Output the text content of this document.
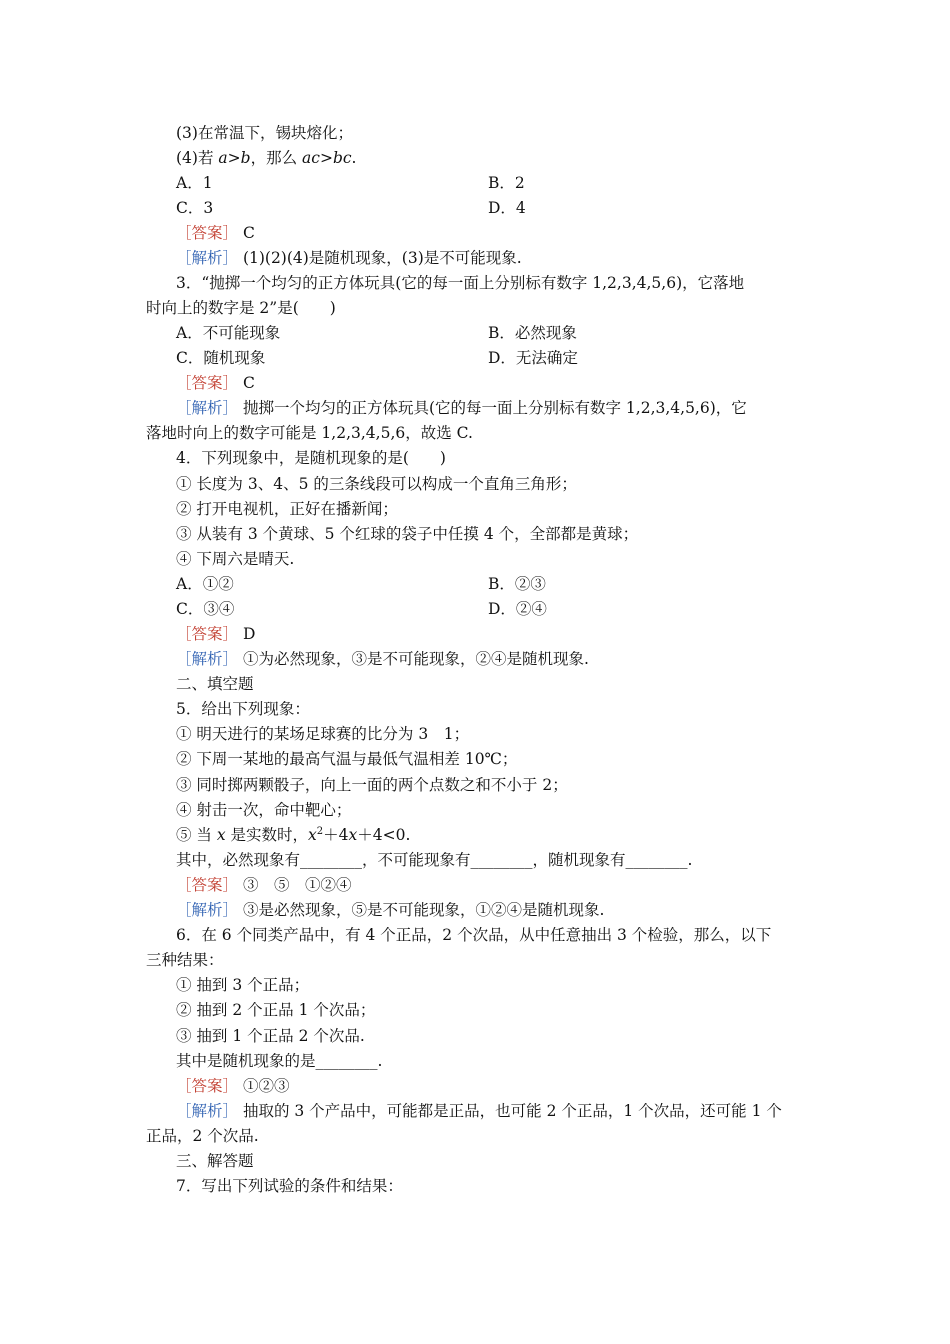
(3)在常温下，锡块熔化；
(4)若 a>b，那么 ac>bc.
A．1	B．2
C．3	D．4
［答案］ C
［解析］ (1)(2)(4)是随机现象，(3)是不可能现象.
3．“抛掷一个均匀的正方体玩具(它的每一面上分别标有数字 1,2,3,4,5,6)，它落地
时向上的数字是 2”是(　　)
A．不可能现象	B．必然现象
C．随机现象	D．无法确定
［答案］ C
［解析］ 抛掷一个均匀的正方体玩具(它的每一面上分别标有数字 1,2,3,4,5,6)，它
落地时向上的数字可能是 1,2,3,4,5,6，故选 C.
4．下列现象中，是随机现象的是(　　)
① 长度为 3、4、5 的三条线段可以构成一个直角三角形；
② 打开电视机，正好在播新闻；
③ 从装有 3 个黄球、5 个红球的袋子中任摸 4 个，全部都是黄球；
④ 下周六是晴天.
A．①②	B．②③
C．③④	D．②④
［答案］ D
［解析］ ①为必然现象，③是不可能现象，②④是随机现象.
二、填空题
5．给出下列现象：
① 明天进行的某场足球赛的比分为 3　1；
② 下周一某地的最高气温与最低气温相差 10℃；
③ 同时掷两颗骰子，向上一面的两个点数之和不小于 2；
④ 射击一次，命中靶心；
⑤ 当 x 是实数时，$x^2+4x+4<0$.
其中，必然现象有________，不可能现象有________，随机现象有________.
［答案］ ③　⑤　①②④
［解析］ ③是必然现象，⑤是不可能现象，①②④是随机现象.
6．在 6 个同类产品中，有 4 个正品，2 个次品，从中任意抽出 3 个检验，那么，以下
三种结果：
① 抽到 3 个正品；
② 抽到 2 个正品 1 个次品；
③ 抽到 1 个正品 2 个次品.
其中是随机现象的是________.
［答案］ ①②③
［解析］ 抽取的 3 个产品中，可能都是正品，也可能 2 个正品，1 个次品，还可能 1 个
正品，2 个次品.
三、解答题
7．写出下列试验的条件和结果：
